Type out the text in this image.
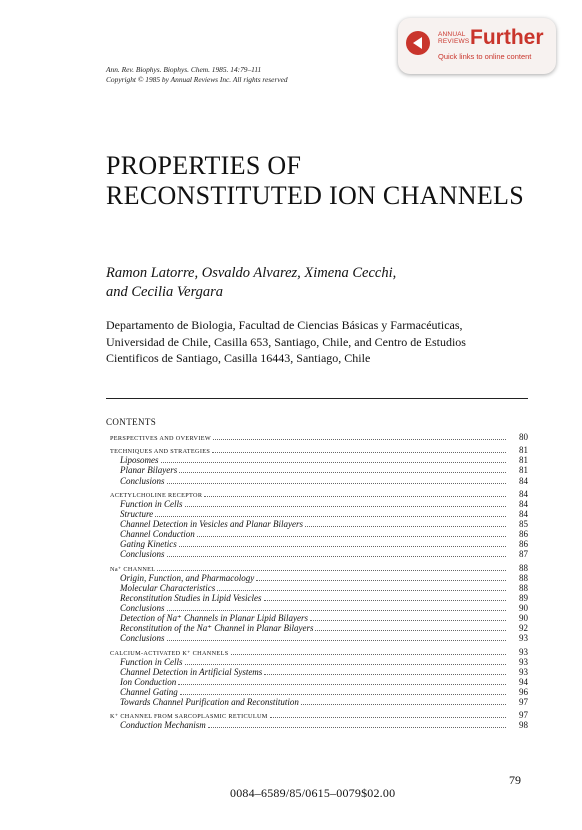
Ann. Rev. Biophys. Biophys. Chem. 1985. 14:79–111
Copyright © 1985 by Annual Reviews Inc. All rights reserved
ANNUAL
REVIEWS Further
Quick links to online content
PROPERTIES OF
RECONSTITUTED ION CHANNELS
Ramon Latorre, Osvaldo Alvarez, Ximena Cecchi,
and Cecilia Vergara
Departamento de Biologia, Facultad de Ciencias Básicas y Farmacéuticas,
Universidad de Chile, Casilla 653, Santiago, Chile, and Centro de Estudios
Cientificos de Santiago, Casilla 16443, Santiago, Chile
CONTENTS
PERSPECTIVES AND OVERVIEW	80
TECHNIQUES AND STRATEGIES	81
Liposomes	81
Planar Bilayers	81
Conclusions	84
ACETYLCHOLINE RECEPTOR	84
Function in Cells	84
Structure	84
Channel Detection in Vesicles and Planar Bilayers	85
Channel Conduction	86
Gating Kinetics	86
Conclusions	87
Na⁺ CHANNEL	88
Origin, Function, and Pharmacology	88
Molecular Characteristics	88
Reconstitution Studies in Lipid Vesicles	89
Conclusions	90
Detection of Na⁺ Channels in Planar Lipid Bilayers	90
Reconstitution of the Na⁺ Channel in Planar Bilayers	92
Conclusions	93
CALCIUM-ACTIVATED K⁺ CHANNELS	93
Function in Cells	93
Channel Detection in Artificial Systems	93
Ion Conduction	94
Channel Gating	96
Towards Channel Purification and Reconstitution	97
K⁺ CHANNEL FROM SARCOPLASMIC RETICULUM	97
Conduction Mechanism	98
79
0084–6589/85/0615–0079$02.00
